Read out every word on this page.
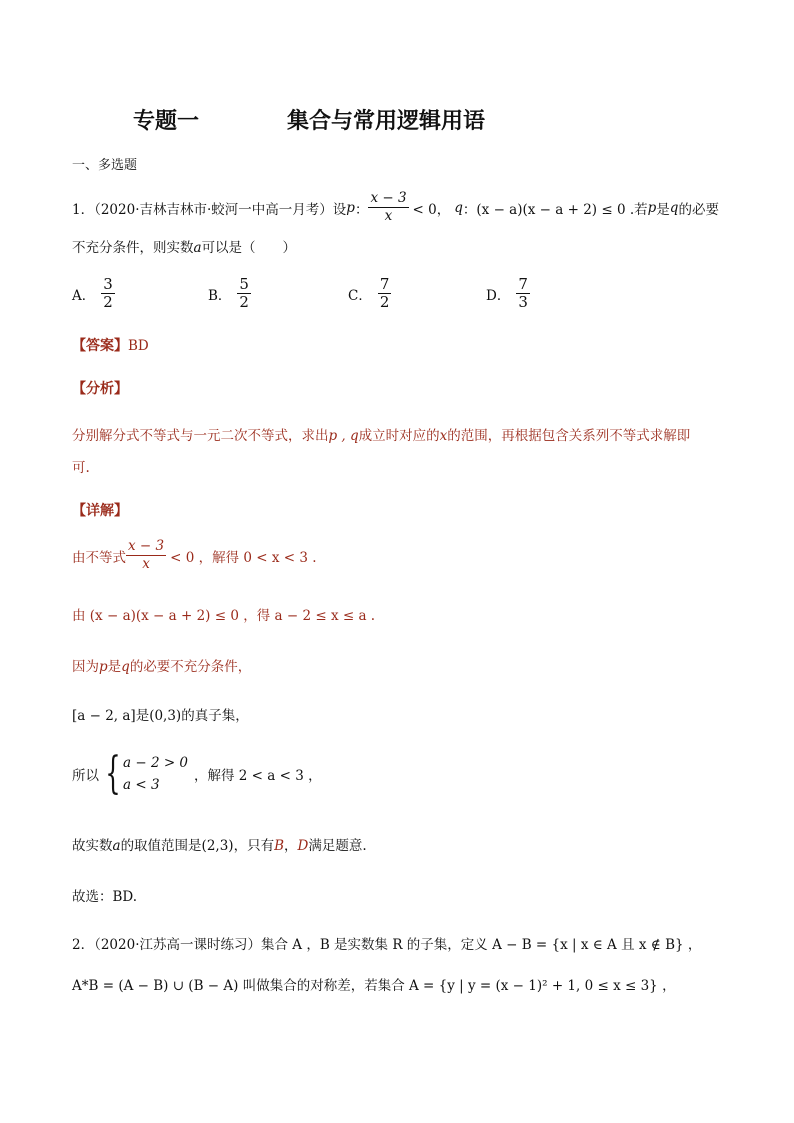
专题一	集合与常用逻辑用语
一、多选题
1．（2020·吉林吉林市·蛟河一中高一月考）设 p ： $\frac{x - 3}{x} < 0$， q ：(x − a)(x − a + 2) ≤ 0 .若 p 是 q 的必要
不充分条件，则实数a可以是（　　）
A． $\frac{3}{2}$	B． $\frac{5}{2}$	C． $\frac{7}{2}$	D． $\frac{7}{3}$
【答案】BD
【分析】
分别解分式不等式与一元二次不等式，求出p , q成立时对应的x的范围，再根据包含关系列不等式求解即
可.
【详解】
由不等式 $\frac{x - 3}{x} < 0$ ，解得 0 < x < 3 .
由 (x − a)(x − a + 2) ≤ 0 ，得 a − 2 ≤ x ≤ a .
因为p是q的必要不充分条件，
[a − 2, a]是(0,3)的真子集，
所以 { a − 2 > 0
a < 3
，解得 2 < a < 3 ，
故实数a的取值范围是(2,3)，只有B，D满足题意.
故选：BD.
2．（2020·江苏高一课时练习）集合 A ，B 是实数集 R 的子集，定义 A − B = {x | x ∈ A 且 x ∉ B} ，
A*B = (A − B) ∪ (B − A) 叫做集合的对称差，若集合 A = {y | y = (x − 1)² + 1, 0 ≤ x ≤ 3} ，
